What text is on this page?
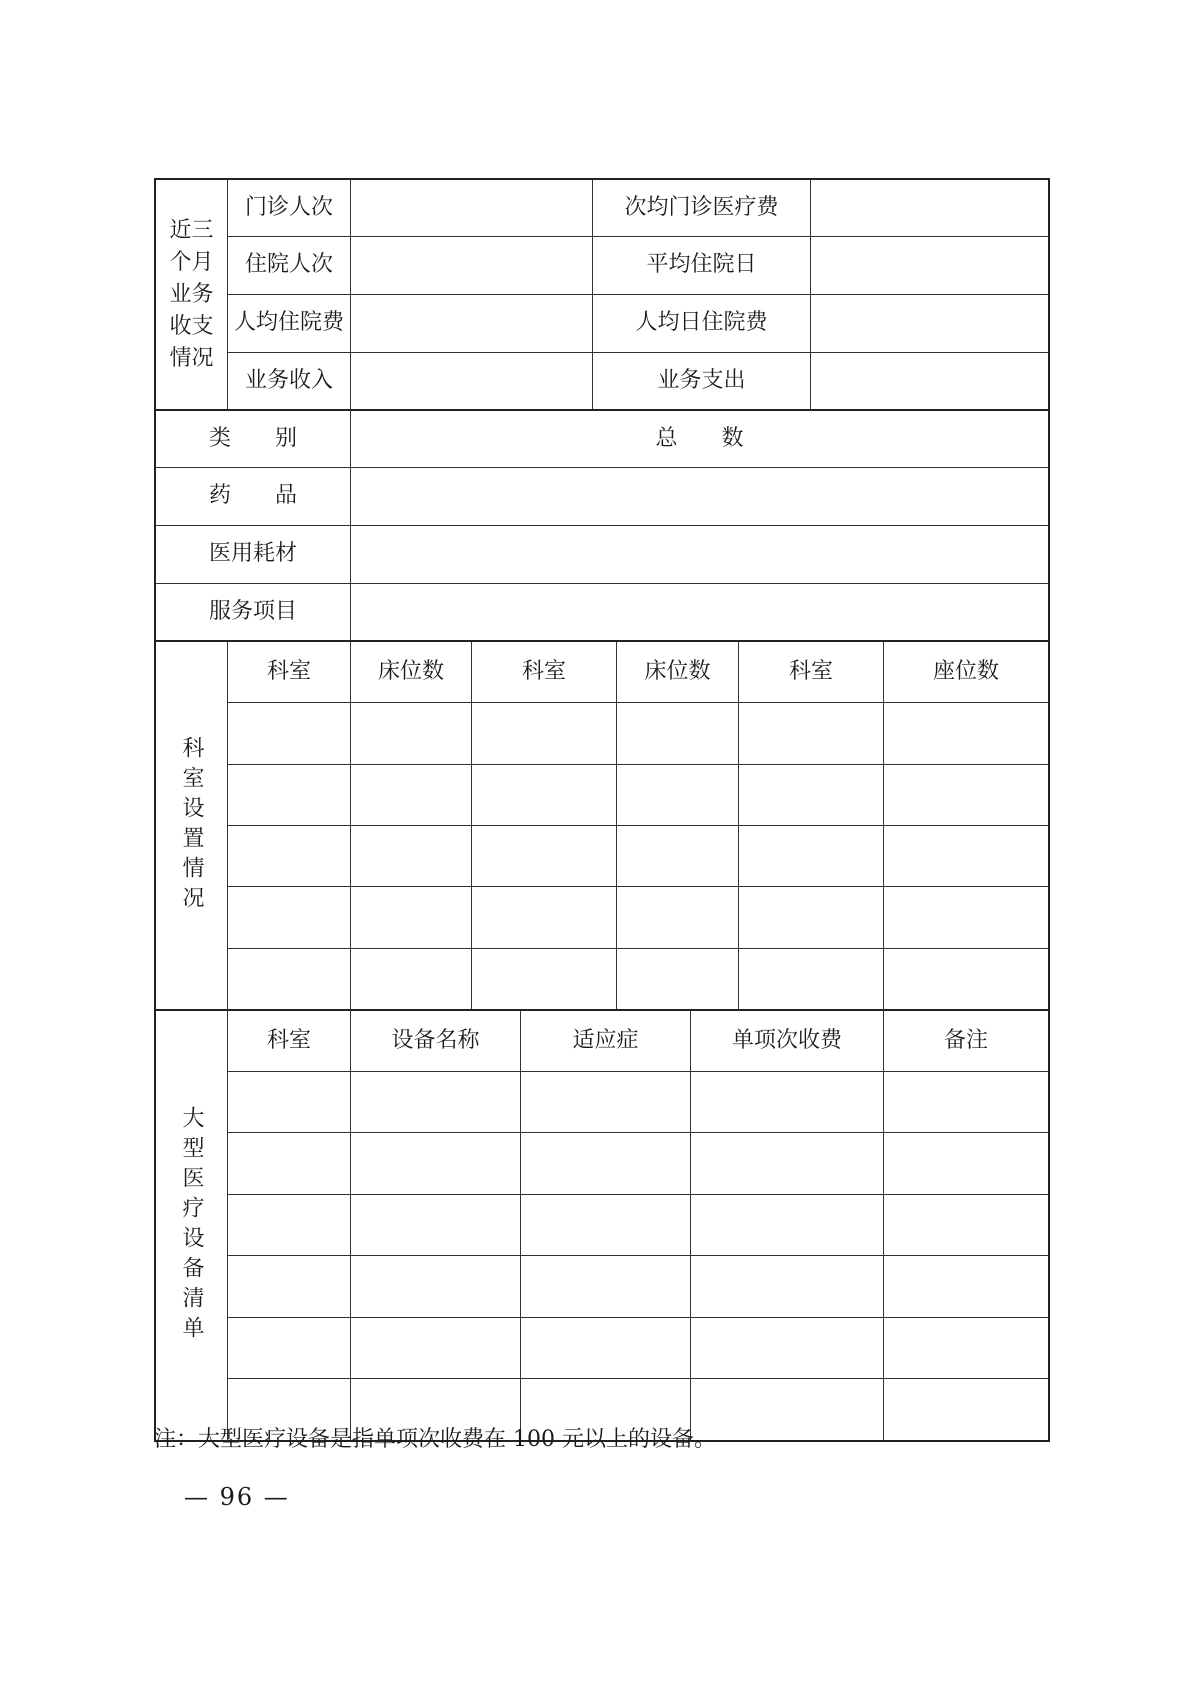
近三个月业务收支情况
门诊人次	次均门诊医疗费
住院人次	平均住院日
人均住院费	人均日住院费
业务收入	业务支出
类　　别	总　　数
药　　品
医用耗材
服务项目
科室设置情况
科室	床位数	科室	床位数	科室	座位数
大型医疗设备清单
科室	设备名称	适应症	单项次收费	备注
注：大型医疗设备是指单项次收费在 100 元以上的设备。
— 96 —
